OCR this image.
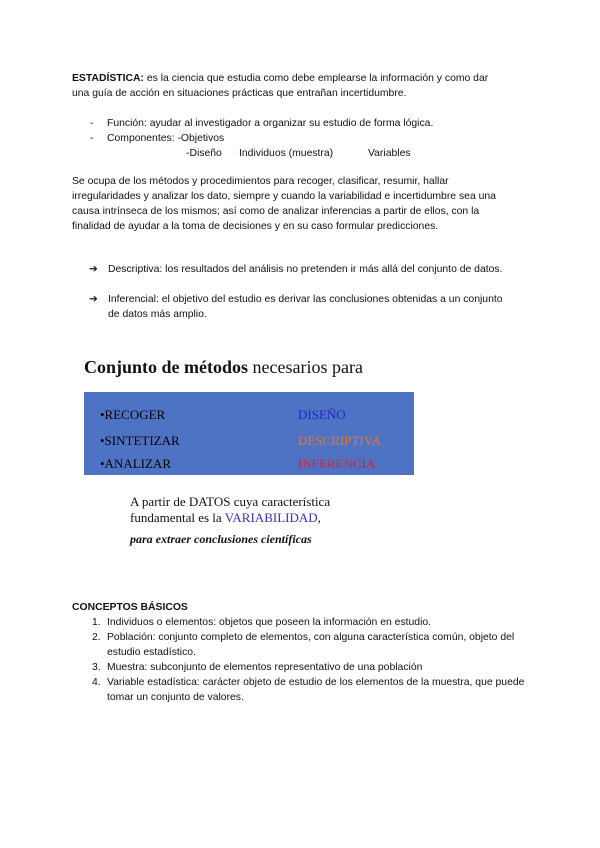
ESTADÍSTICA: es la ciencia que estudia como debe emplearse la información y como dar

una guía de acción en situaciones prácticas que entrañan incertidumbre.

- Función: ayudar al investigador a organizar su estudio de forma lógica.
- Componentes: -Objetivos
-Diseño Individuos (muestra)	Variables

Se ocupa de los métodos y procedimientos para recoger, clasificar, resumir, hallar

irregularidades y analizar los dato, siempre y cuando la variabilidad e incertidumbre sea una

causa intrínseca de los mismos; así como de analizar inferencias a partir de ellos, con la

finalidad de ayudar a la toma de decisiones y en su caso formular predicciones.

➔ Descriptiva: los resultados del análisis no pretenden ir más allá del conjunto de datos.
➔ Inferencial: el objetivo del estudio es derivar las conclusiones obtenidas a un conjunto de datos más amplio.
Conjunto de métodos necesarios para
•RECOGER	DISEÑO
•SINTETIZAR	DESCRIPTIVA
•ANALIZAR	INFERENCIA

A partir de DATOS cuya característica

fundamental es la VARIABILIDAD,

para extraer conclusiones científicas

CONCEPTOS BÁSICOS
1. Individuos o elementos: objetos que poseen la información en estudio.
2. Población: conjunto completo de elementos, con alguna característica común, objeto del estudio estadístico.
3. Muestra: subconjunto de elementos representativo de una población
4. Variable estadística: carácter objeto de estudio de los elementos de la muestra, que puede tomar un conjunto de valores.
